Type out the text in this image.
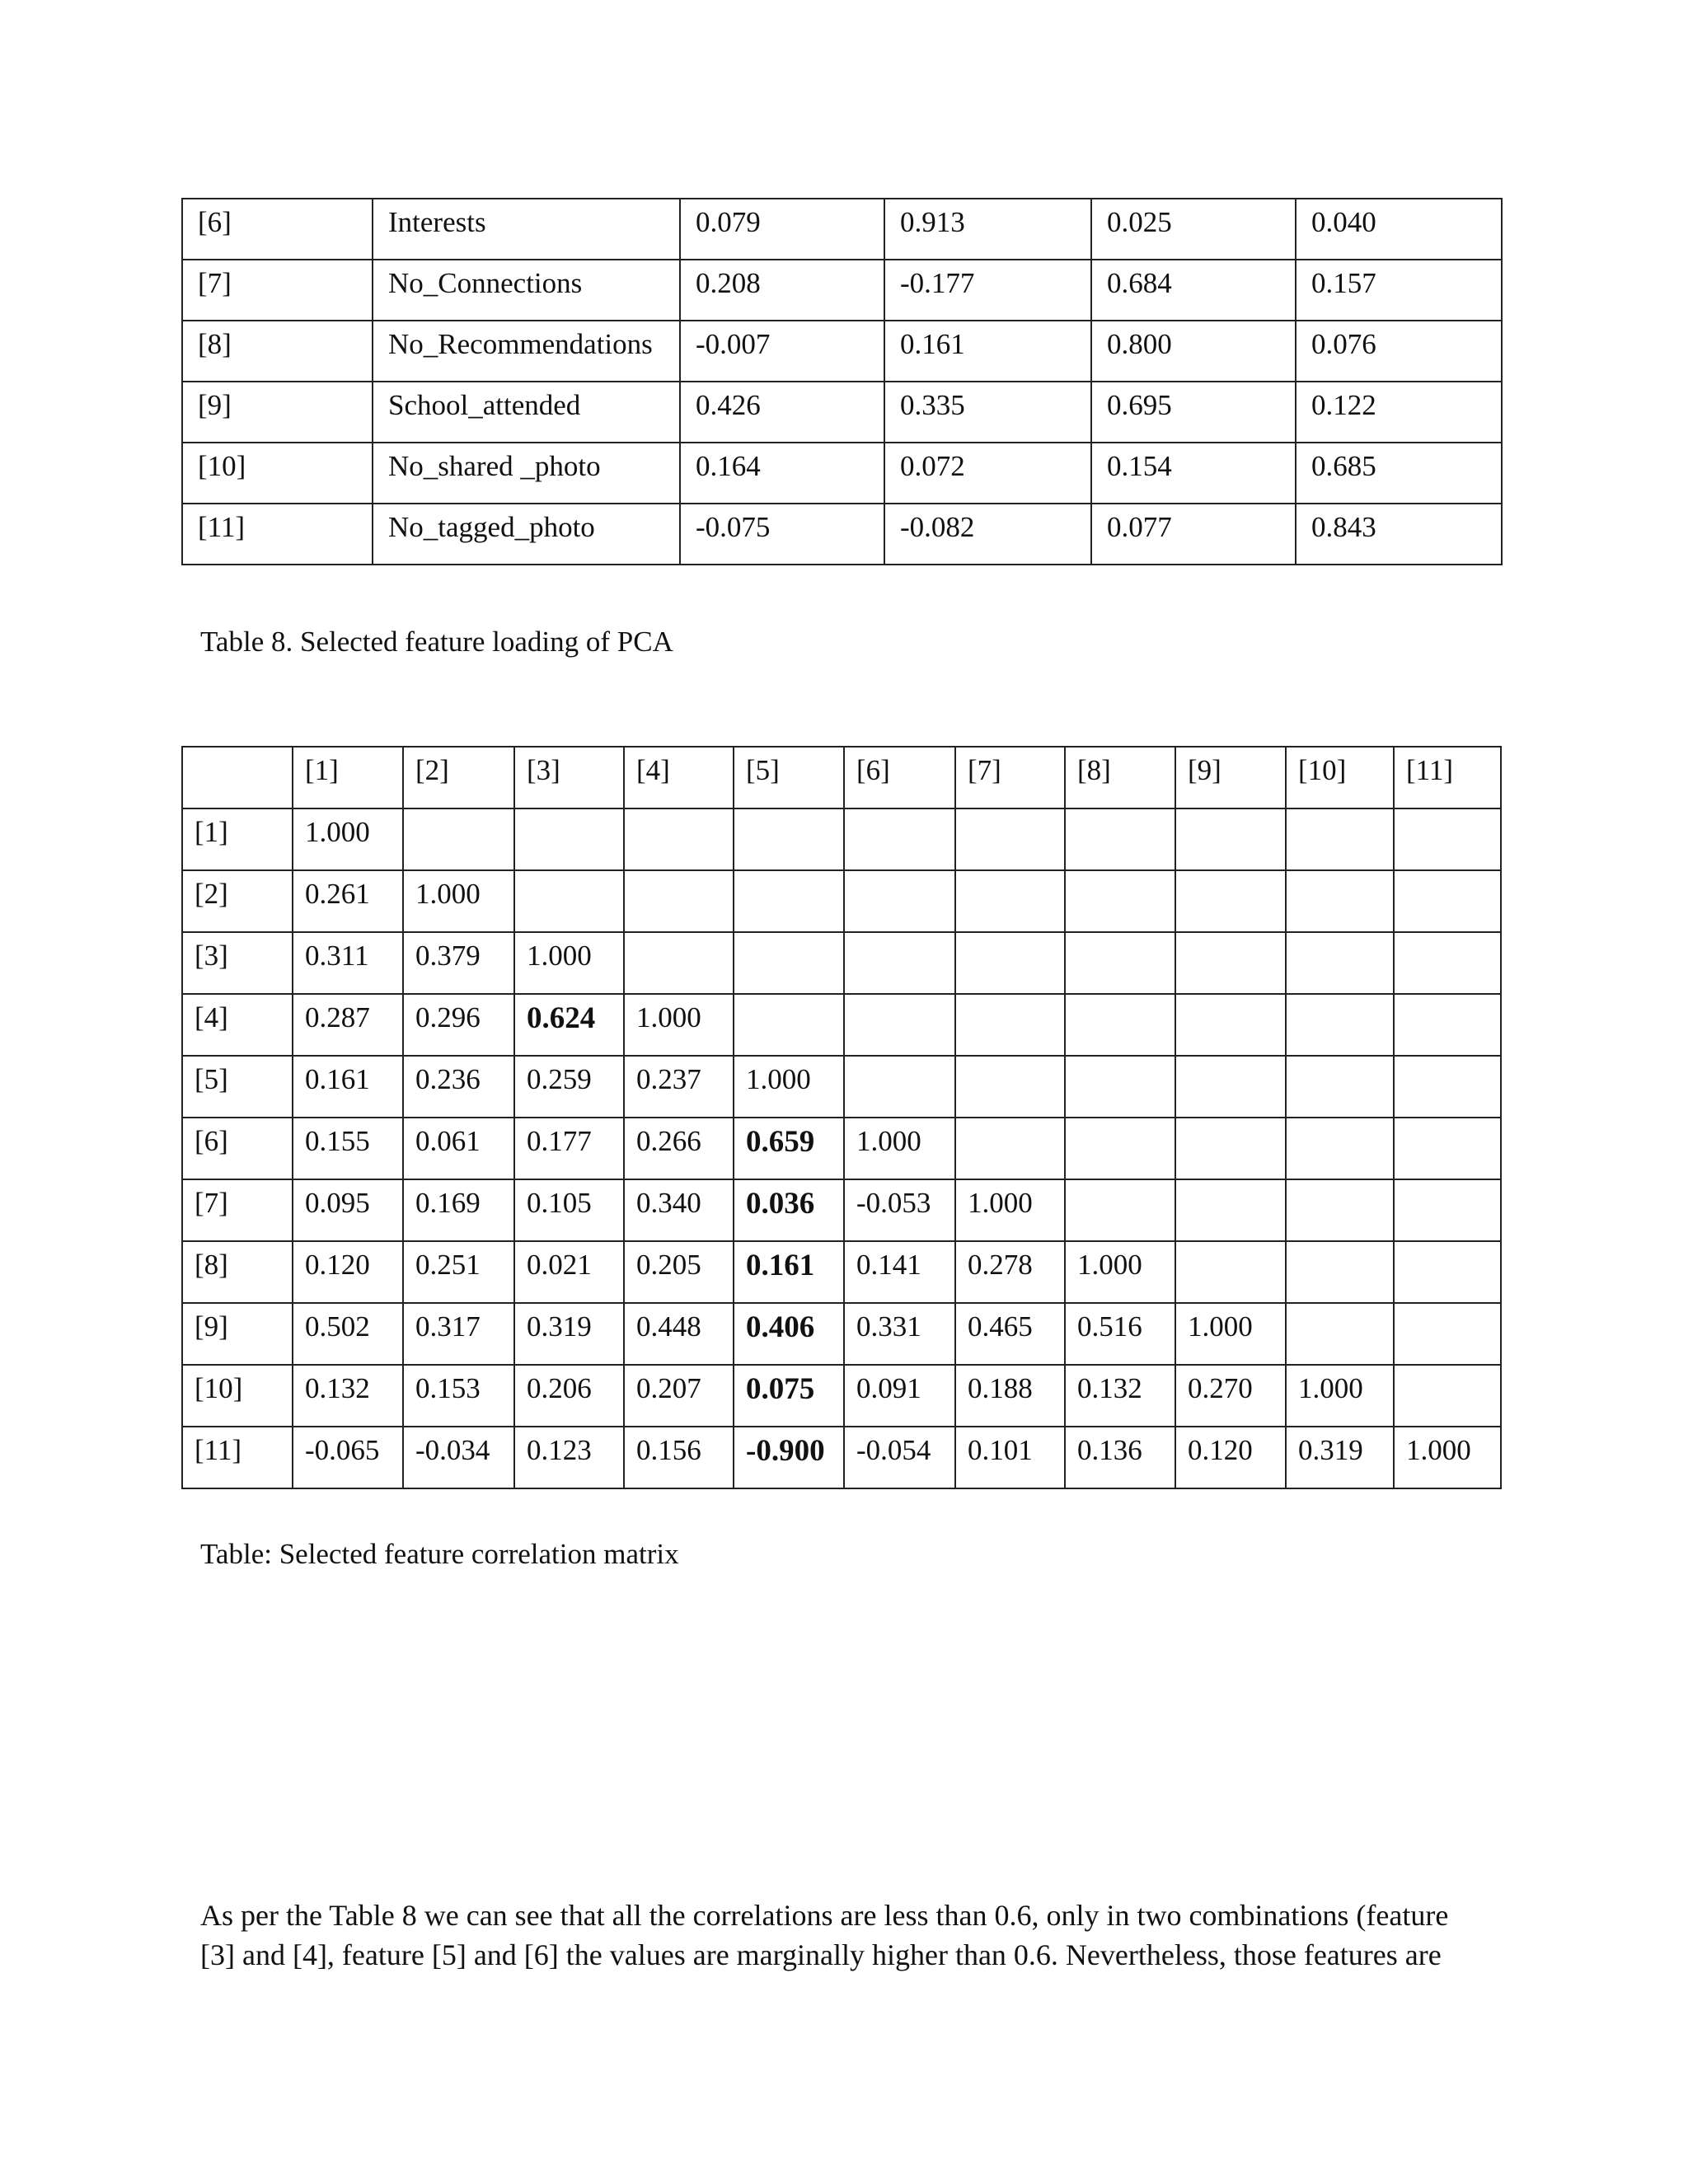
[6]	Interests	0.079	0.913	0.025	0.040
[7]	No_Connections	0.208	-0.177	0.684	0.157
[8]	No_Recommendations	-0.007	0.161	0.800	0.076
[9]	School_attended	0.426	0.335	0.695	0.122
[10]	No_shared _photo	0.164	0.072	0.154	0.685
[11]	No_tagged_photo	-0.075	-0.082	0.077	0.843
Table 8. Selected feature loading of PCA
	[1]	[2]	[3]	[4]	[5]	[6]	[7]	[8]	[9]	[10]	[11]
[1]	1.000										
[2]	0.261	1.000									
[3]	0.311	0.379	1.000								
[4]	0.287	0.296	0.624	1.000							
[5]	0.161	0.236	0.259	0.237	1.000						
[6]	0.155	0.061	0.177	0.266	0.659	1.000					
[7]	0.095	0.169	0.105	0.340	0.036	-0.053	1.000				
[8]	0.120	0.251	0.021	0.205	0.161	0.141	0.278	1.000			
[9]	0.502	0.317	0.319	0.448	0.406	0.331	0.465	0.516	1.000		
[10]	0.132	0.153	0.206	0.207	0.075	0.091	0.188	0.132	0.270	1.000	
[11]	-0.065	-0.034	0.123	0.156	-0.900	-0.054	0.101	0.136	0.120	0.319	1.000
Table: Selected feature correlation matrix

As per the Table 8 we can see that all the correlations are less than 0.6, only in two combinations (feature

[3] and [4], feature [5] and [6] the values are marginally higher than 0.6. Nevertheless, those features are
